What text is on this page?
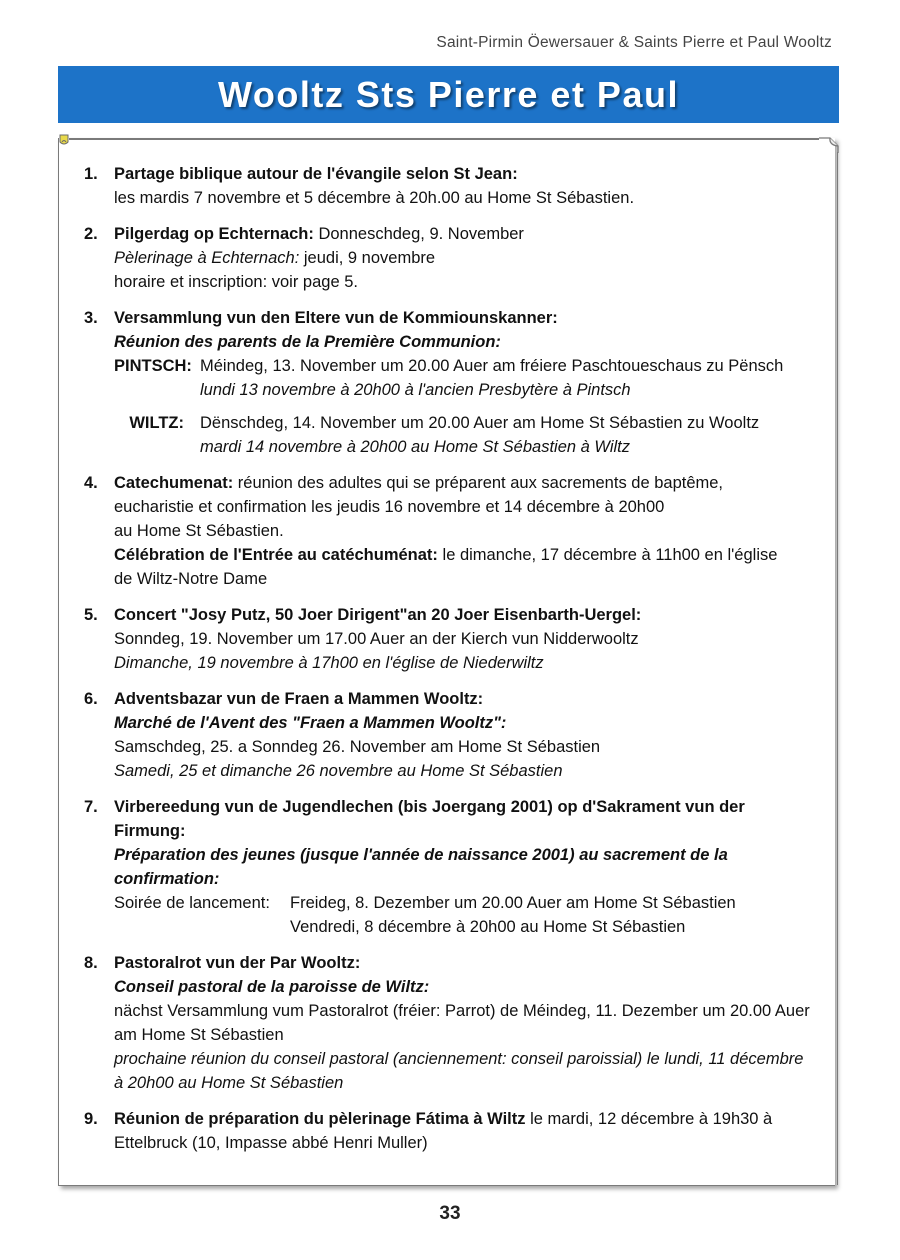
Saint-Pirmin Öewersauer & Saints Pierre et Paul Wooltz
Wooltz Sts Pierre et Paul
1. Partage biblique autour de l'évangile selon St Jean:
les mardis 7 novembre et 5 décembre à 20h.00 au Home St Sébastien.
2. Pilgerdag op Echternach: Donneschdeg, 9. November
Pèlerinage à Echternach: jeudi, 9 novembre
horaire et inscription: voir page 5.
3. Versammlung vun den Eltere vun de Kommiounskanner:
Réunion des parents de la Première Communion:
PINTSCH: Méindeg, 13. November um 20.00 Auer am fréiere Paschtoueschaus zu Pënsch
lundi 13 novembre à 20h00 à l'ancien Presbytère à Pintsch
WILTZ: Dënschdeg, 14. November um 20.00 Auer am Home St Sébastien zu Wooltz
mardi 14 novembre à 20h00 au Home St Sébastien à Wiltz
4. Catechumenat: réunion des adultes qui se préparent aux sacrements de baptême,
eucharistie et confirmation les jeudis 16 novembre et 14 décembre à 20h00
au Home St Sébastien.
Célébration de l'Entrée au catéchuménat: le dimanche, 17 décembre à 11h00 en l'église
de Wiltz-Notre Dame
5. Concert "Josy Putz, 50 Joer Dirigent"an 20 Joer Eisenbarth-Uergel:
Sonndeg, 19. November um 17.00 Auer an der Kierch vun Nidderwooltz
Dimanche, 19 novembre à 17h00 en l'église de Niederwiltz
6. Adventsbazar vun de Fraen a Mammen Wooltz:
Marché de l'Avent des "Fraen a Mammen Wooltz":
Samschdeg, 25. a Sonndeg 26. November am Home St Sébastien
Samedi, 25 et dimanche 26 novembre au Home St Sébastien
7. Virbereedung vun de Jugendlechen (bis Joergang 2001) op d'Sakrament vun der Firmung:
Préparation des jeunes (jusque l'année de naissance 2001) au sacrement de la confirmation:
Soirée de lancement:	Freideg, 8. Dezember um 20.00 Auer am Home St Sébastien
Vendredi, 8 décembre à 20h00 au Home St Sébastien
8. Pastoralrot vun der Par Wooltz:
Conseil pastoral de la paroisse de Wiltz:
nächst Versammlung vum Pastoralrot (fréier: Parrot) de Méindeg, 11. Dezember um 20.00 Auer am Home St Sébastien
prochaine réunion du conseil pastoral (anciennement: conseil paroissial) le lundi, 11 décembre à 20h00 au Home St Sébastien
9. Réunion de préparation du pèlerinage Fátima à Wiltz le mardi, 12 décembre à 19h30 à Ettelbruck (10, Impasse abbé Henri Muller)
33
